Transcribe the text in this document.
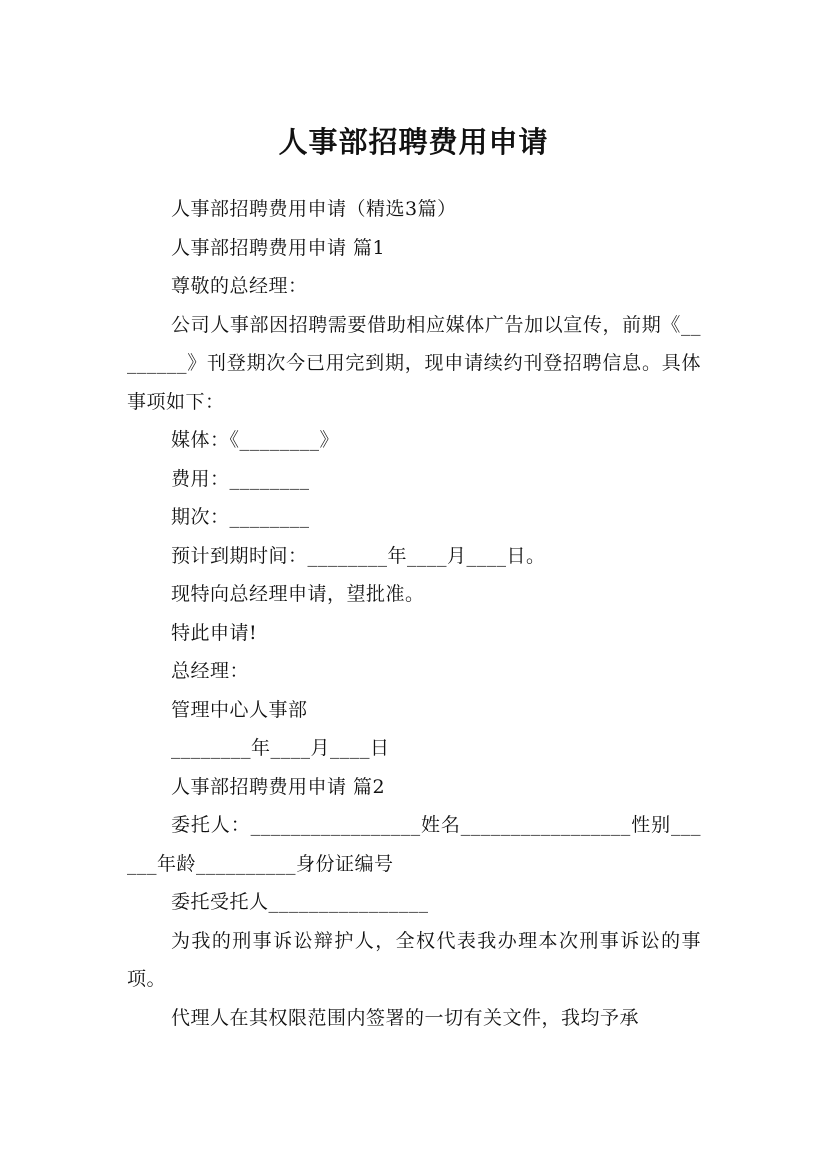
人事部招聘费用申请

人事部招聘费用申请（精选3篇）

人事部招聘费用申请 篇1

尊敬的总经理：

公司人事部因招聘需要借助相应媒体广告加以宣传，前期《________》刊登期次今已用完到期，现申请续约刊登招聘信息。具体事项如下：

媒体：《________》

费用：________

期次：________

预计到期时间：________年____月____日。

现特向总经理申请，望批准。

特此申请!

总经理：

管理中心人事部

________年____月____日

人事部招聘费用申请 篇2

委托人：_________________姓名_________________性别______年龄__________身份证编号

委托受托人________________

为我的刑事诉讼辩护人，全权代表我办理本次刑事诉讼的事项。

代理人在其权限范围内签署的一切有关文件，我均予承
